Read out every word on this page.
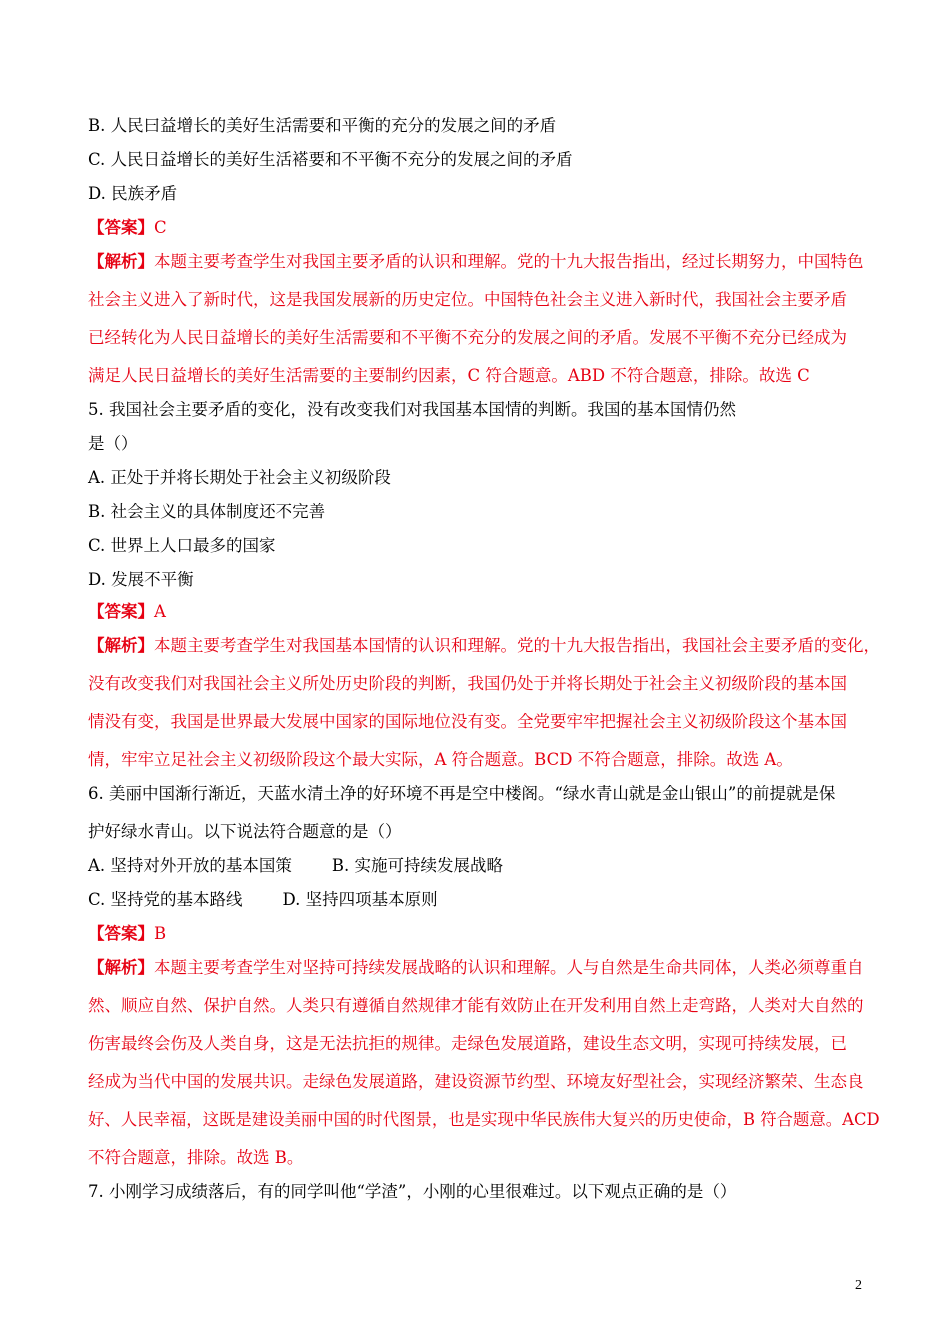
B. 人民曰益增长的美好生活需要和平衡的充分的发展之间的矛盾
C. 人民日益增长的美好生活褡要和不平衡不充分的发展之间的矛盾
D. 民族矛盾
【答案】C
【解析】本题主要考查学生对我国主要矛盾的认识和理解。党的十九大报告指出，经过长期努力，中国特色
社会主义进入了新时代，这是我国发展新的历史定位。中国特色社会主义进入新时代，我国社会主要矛盾
已经转化为人民日益增长的美好生活需要和不平衡不充分的发展之间的矛盾。发展不平衡不充分已经成为
满足人民日益增长的美好生活需要的主要制约因素，C 符合题意。ABD 不符合题意，排除。故选 C
5. 我国社会主要矛盾的变化，没有改变我们对我国基本国情的判断。我国的基本国情仍然
是（）
A. 正处于并将长期处于社会主义初级阶段
B. 社会主义的具体制度还不完善
C. 世界上人口最多的国家
D. 发展不平衡
【答案】A
【解析】本题主要考查学生对我国基本国情的认识和理解。党的十九大报告指出，我国社会主要矛盾的变化，
没有改变我们对我国社会主义所处历史阶段的判断，我国仍处于并将长期处于社会主义初级阶段的基本国
情没有变，我国是世界最大发展中国家的国际地位没有变。全党要牢牢把握社会主义初级阶段这个基本国
情，牢牢立足社会主义初级阶段这个最大实际，A 符合题意。BCD 不符合题意，排除。故选 A。
6. 美丽中国渐行渐近，天蓝水清土净的好环境不再是空中楼阁。“绿水青山就是金山银山”的前提就是保
护好绿水青山。以下说法符合题意的是（）
A. 坚持对外开放的基本国策 B. 实施可持续发展战略
C. 坚持党的基本路线 D. 坚持四项基本原则
【答案】B
【解析】本题主要考查学生对坚持可持续发展战略的认识和理解。人与自然是生命共同体，人类必须尊重自
然、顺应自然、保护自然。人类只有遵循自然规律才能有效防止在开发利用自然上走弯路，人类对大自然的
伤害最终会伤及人类自身，这是无法抗拒的规律。走绿色发展道路，建设生态文明，实现可持续发展，已
经成为当代中国的发展共识。走绿色发展道路，建设资源节约型、环境友好型社会，实现经济繁荣、生态良
好、人民幸福，这既是建设美丽中国的时代图景，也是实现中华民族伟大复兴的历史使命，B 符合题意。ACD
不符合题意，排除。故选 B。
7. 小刚学习成绩落后，有的同学叫他“学渣”，小刚的心里很难过。以下观点正确的是（）
2
